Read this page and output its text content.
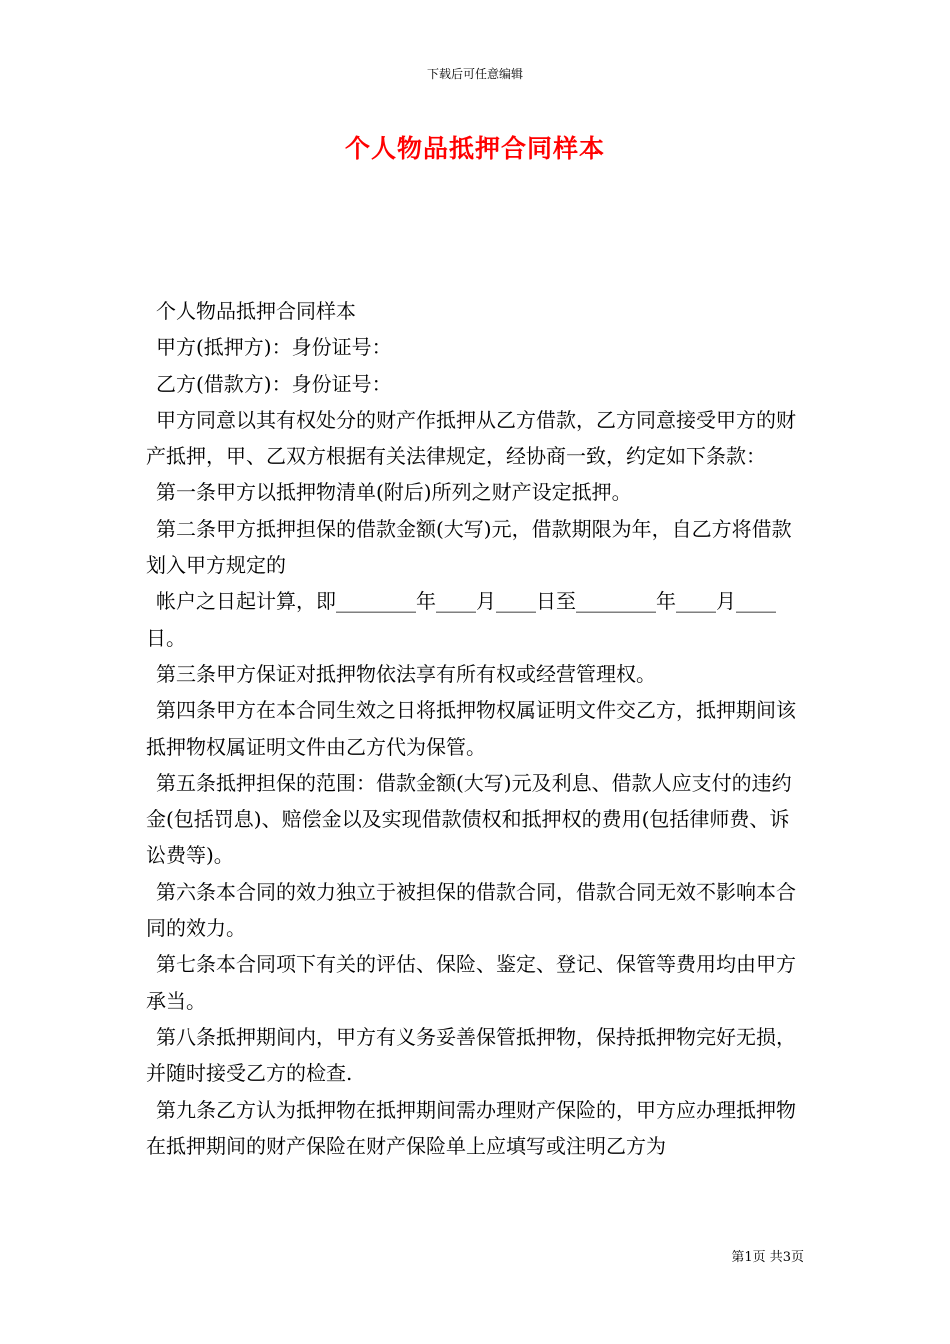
下载后可任意编辑
个人物品抵押合同样本

个人物品抵押合同样本

甲方(抵押方)：身份证号：

乙方(借款方)：身份证号：

甲方同意以其有权处分的财产作抵押从乙方借款，乙方同意接受甲方的财产抵押，甲、乙双方根据有关法律规定，经协商一致，约定如下条款：

第一条甲方以抵押物清单(附后)所列之财产设定抵押。

第二条甲方抵押担保的借款金额(大写)元，借款期限为年，自乙方将借款划入甲方规定的

帐户之日起计算，即________年____月____日至________年____月____日。

第三条甲方保证对抵押物依法享有所有权或经营管理权。

第四条甲方在本合同生效之日将抵押物权属证明文件交乙方，抵押期间该抵押物权属证明文件由乙方代为保管。

第五条抵押担保的范围：借款金额(大写)元及利息、借款人应支付的违约金(包括罚息)、赔偿金以及实现借款债权和抵押权的费用(包括律师费、诉讼费等)。

第六条本合同的效力独立于被担保的借款合同，借款合同无效不影响本合同的效力。

第七条本合同项下有关的评估、保险、鉴定、登记、保管等费用均由甲方承当。

第八条抵押期间内，甲方有义务妥善保管抵押物，保持抵押物完好无损，并随时接受乙方的检查.

第九条乙方认为抵押物在抵押期间需办理财产保险的，甲方应办理抵押物在抵押期间的财产保险在财产保险单上应填写或注明乙方为

第1页 共3页
